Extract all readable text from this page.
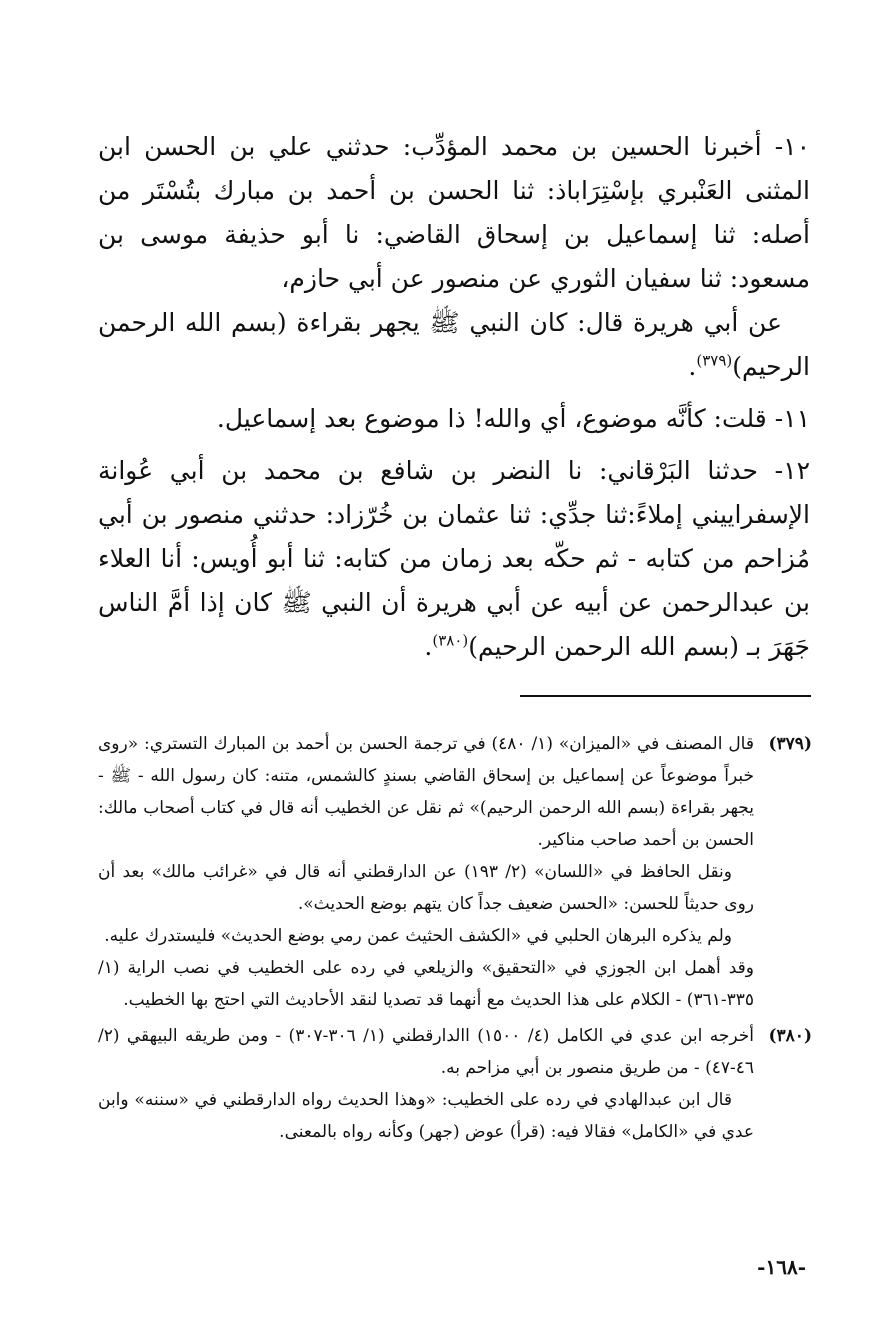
١٠- أخبرنا الحسين بن محمد المؤدِّب: حدثني علي بن الحسن ابن المثنى العَنْبري بإسْتِرَاباذ: ثنا الحسن بن أحمد بن مبارك بتُسْتَر من أصله: ثنا إسماعيل بن إسحاق القاضي: نا أبو حذيفة موسى بن مسعود: ثنا سفيان الثوري عن منصور عن أبي حازم،

عن أبي هريرة قال: كان النبي ﷺ يجهر بقراءة (بسم الله الرحمن الرحيم)$^{(٣٧٩)}$.

١١- قلت: كأنَّه موضوع، أي والله! ذا موضوع بعد إسماعيل.

١٢- حدثنا البَرْقاني: نا النضر بن شافع بن محمد بن أبي عُوانة الإسفراييني إملاءً:ثنا جدِّي: ثنا عثمان بن خُرّزاد: حدثني منصور بن أبي مُزاحم من كتابه - ثم حكّه بعد زمان من كتابه: ثنا أبو أُويس: أنا العلاء بن عبدالرحمن عن أبيه عن أبي هريرة أن النبي ﷺ كان إذا أمَّ الناس جَهَرَ بـ (بسم الله الرحمن الرحيم)$^{(٣٨٠)}$.

(٣٧٩)

قال المصنف في «الميزان» (١/ ٤٨٠) في ترجمة الحسن بن أحمد بن المبارك التستري: «روى خبراً موضوعاً عن إسماعيل بن إسحاق القاضي بسندٍ كالشمس، متنه: كان رسول الله - ﷺ - يجهر بقراءة (بسم الله الرحمن الرحيم)» ثم نقل عن الخطيب أنه قال في كتاب أصحاب مالك: الحسن بن أحمد صاحب مناكير.

ونقل الحافظ في «اللسان» (٢/ ١٩٣) عن الدارقطني أنه قال في «غرائب مالك» بعد أن روى حديثاً للحسن: «الحسن ضعيف جداً كان يتهم بوضع الحديث».

ولم يذكره البرهان الحلبي في «الكشف الحثيث عمن رمي بوضع الحديث» فليستدرك عليه.

وقد أهمل ابن الجوزي في «التحقيق» والزيلعي في رده على الخطيب في نصب الراية (١/ ٣٣٥-٣٦١) - الكلام على هذا الحديث مع أنهما قد تصديا لنقد الأحاديث التي احتج بها الخطيب.

(٣٨٠)

أخرجه ابن عدي في الكامل (٤/ ١٥٠٠) االدارقطني (١/ ٣٠٦-٣٠٧) - ومن طريقه البيهقي (٢/ ٤٦-٤٧) - من طريق منصور بن أبي مزاحم به.

قال ابن عبدالهادي في رده على الخطيب: «وهذا الحديث رواه الدارقطني في «سننه» وابن عدي في «الكامل» فقالا فيه: (قرأ) عوض (جهر) وكأنه رواه بالمعنى.

-١٦٨-
